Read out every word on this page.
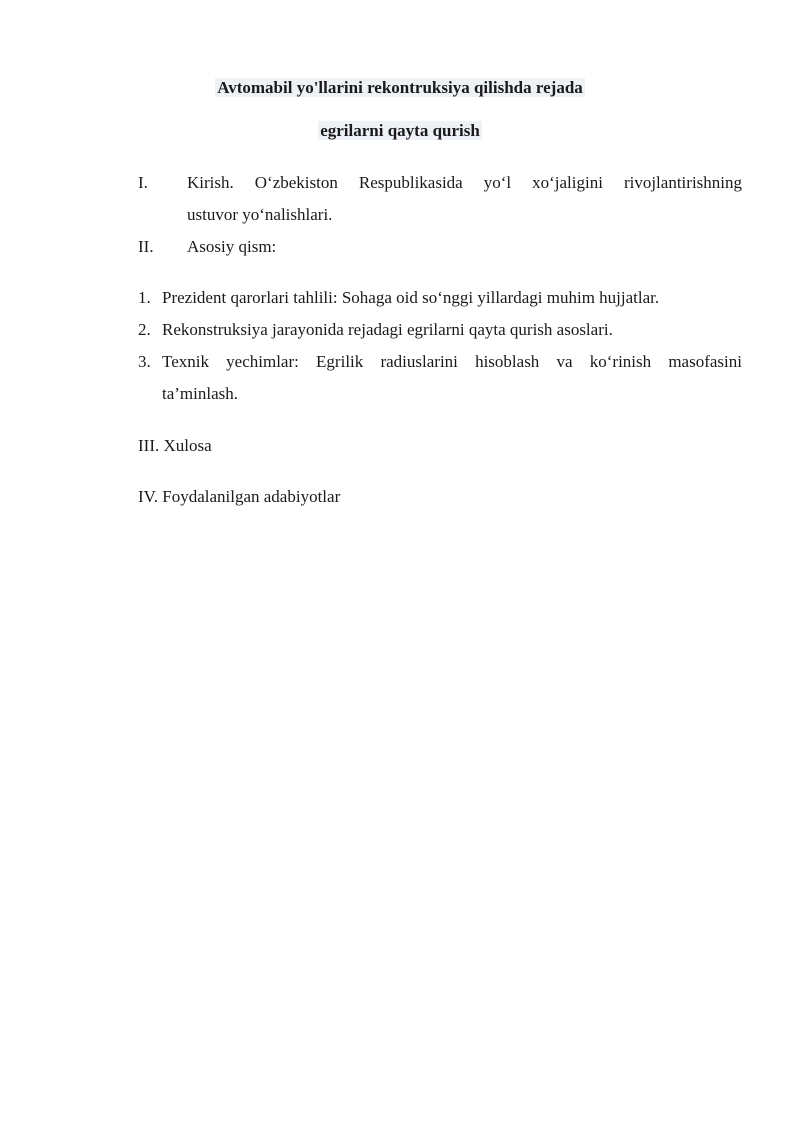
Avtomabil yo'llarini rekontruksiya qilishda rejada
egrilarni qayta qurish
I. Kirish. O‘zbekiston Respublikasida yo‘l xo‘jaligini rivojlantirishning
ustuvor yo‘nalishlari.
II. Asosiy qism:
1. Prezident qarorlari tahlili: Sohaga oid so‘nggi yillardagi muhim hujjatlar.
2. Rekonstruksiya jarayonida rejadagi egrilarni qayta qurish asoslari.
3. Texnik yechimlar: Egrilik radiuslarini hisoblash va ko‘rinish masofasini
ta’minlash.
III. Xulosa
IV. Foydalanilgan adabiyotlar
